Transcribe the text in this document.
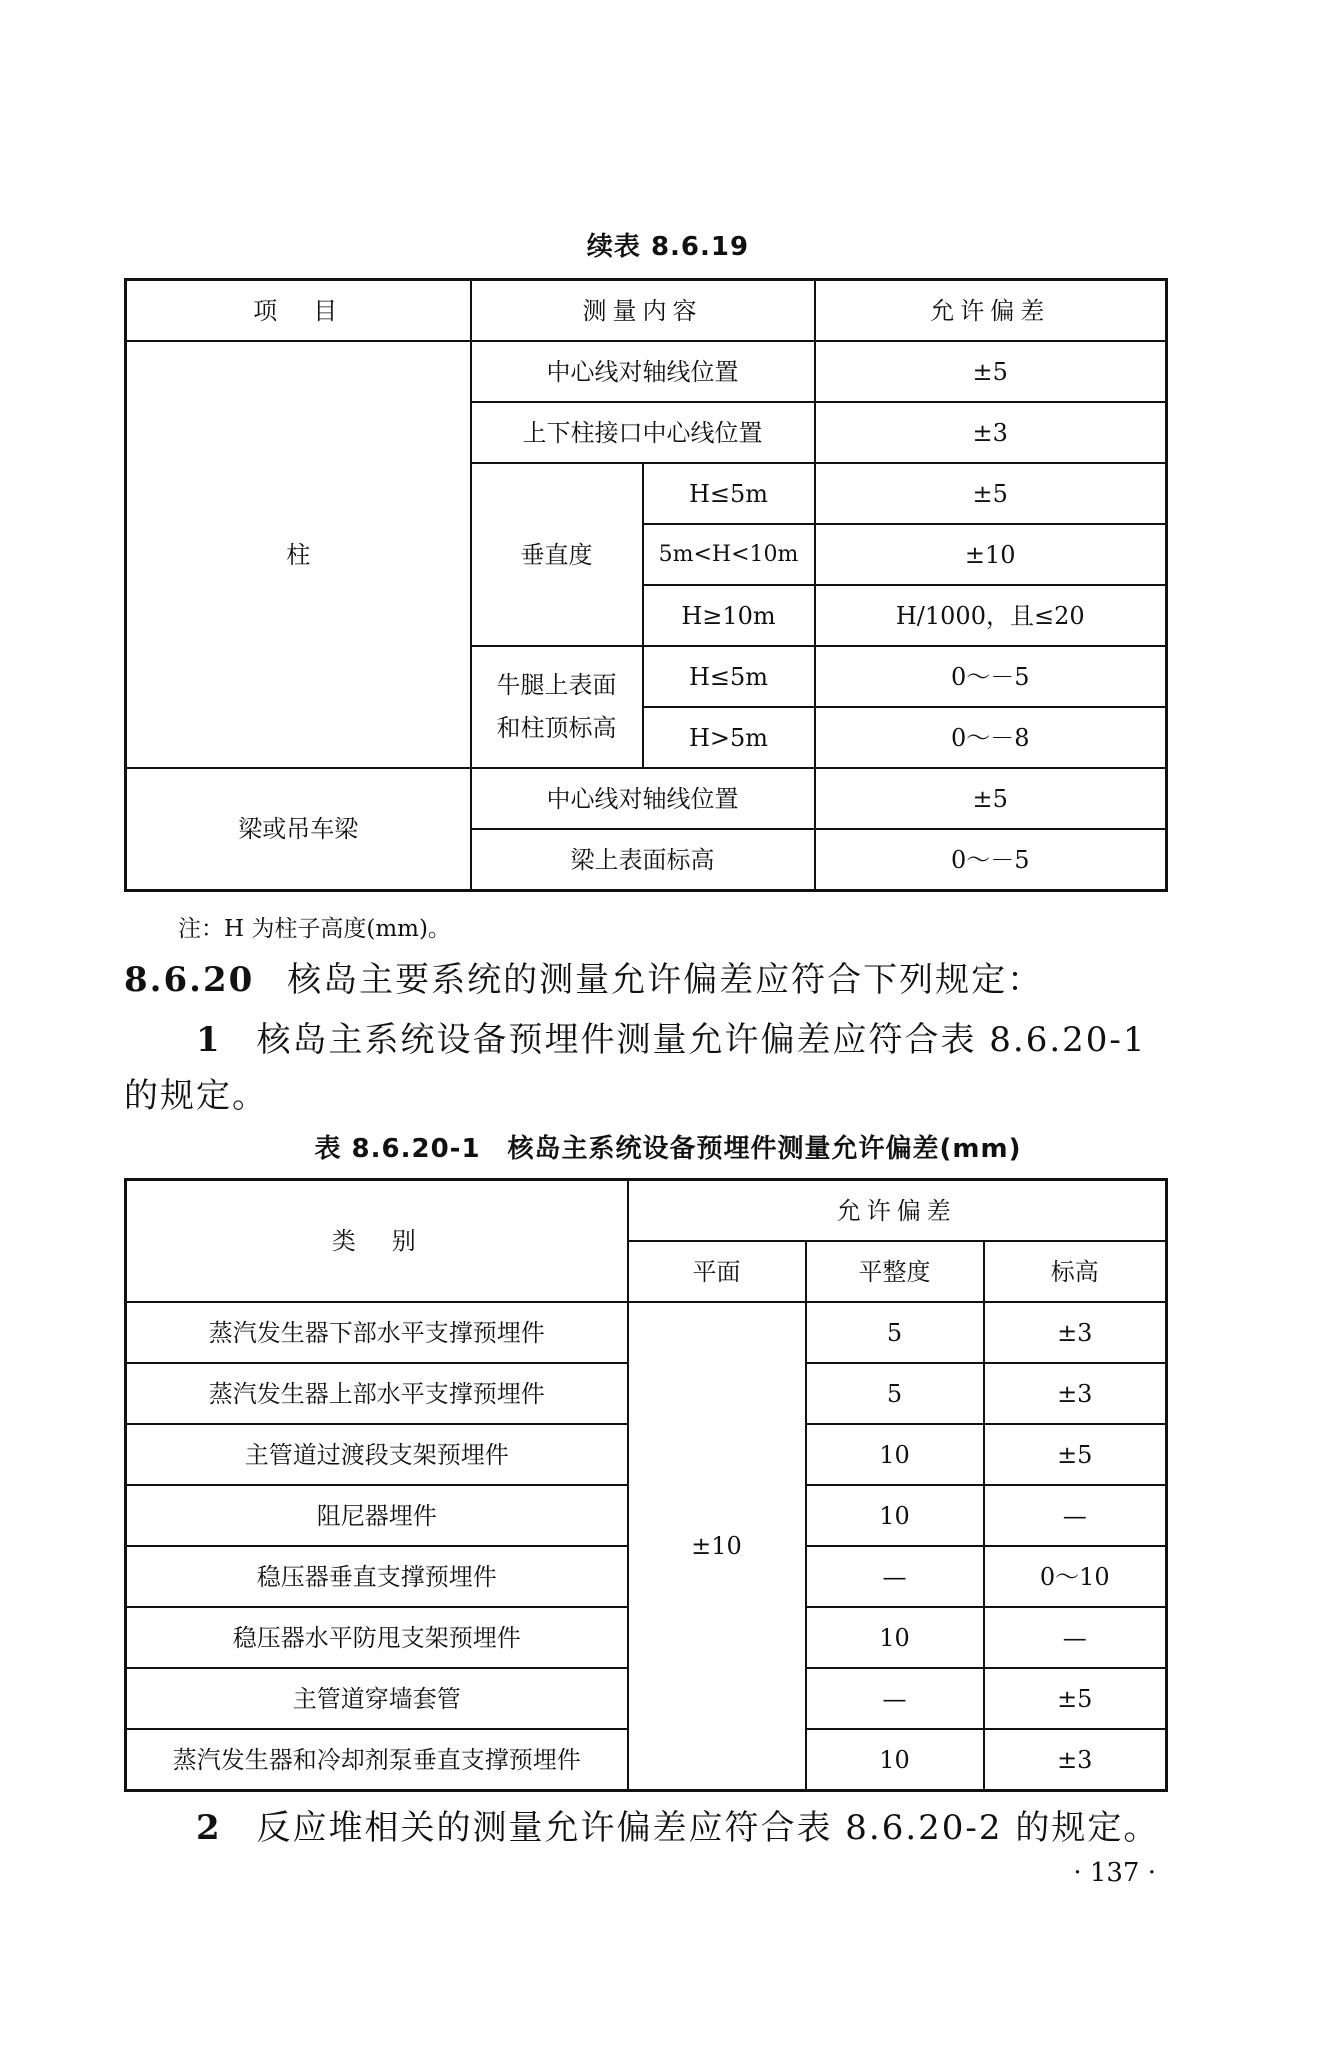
续表 8.6.19
项　目	测量内容		允许偏差
柱	中心线对轴线位置		±5
	上下柱接口中心线位置		±3
	垂直度	H≤5m	±5
		5m<H<10m	±10
		H≥10m	H/1000，且≤20
	牛腿上表面
和柱顶标高	H≤5m	0～－5
		H>5m	0～－8
梁或吊车梁	中心线对轴线位置		±5
	梁上表面标高		0～－5
注：H 为柱子高度(mm)。
8.6.20 核岛主要系统的测量允许偏差应符合下列规定：
1 核岛主系统设备预埋件测量允许偏差应符合表 8.6.20-1
的规定。
表 8.6.20-1　核岛主系统设备预埋件测量允许偏差(mm)
类　别	允许偏差		
	平面	平整度	标高
蒸汽发生器下部水平支撑预埋件	±10	5	±3
蒸汽发生器上部水平支撑预埋件		5	±3
主管道过渡段支架预埋件		10	±5
阻尼器埋件		10	—
稳压器垂直支撑预埋件		—	0～10
稳压器水平防甩支架预埋件		10	—
主管道穿墙套管		—	±5
蒸汽发生器和冷却剂泵垂直支撑预埋件		10	±3
2 反应堆相关的测量允许偏差应符合表 8.6.20-2 的规定。
· 137 ·
